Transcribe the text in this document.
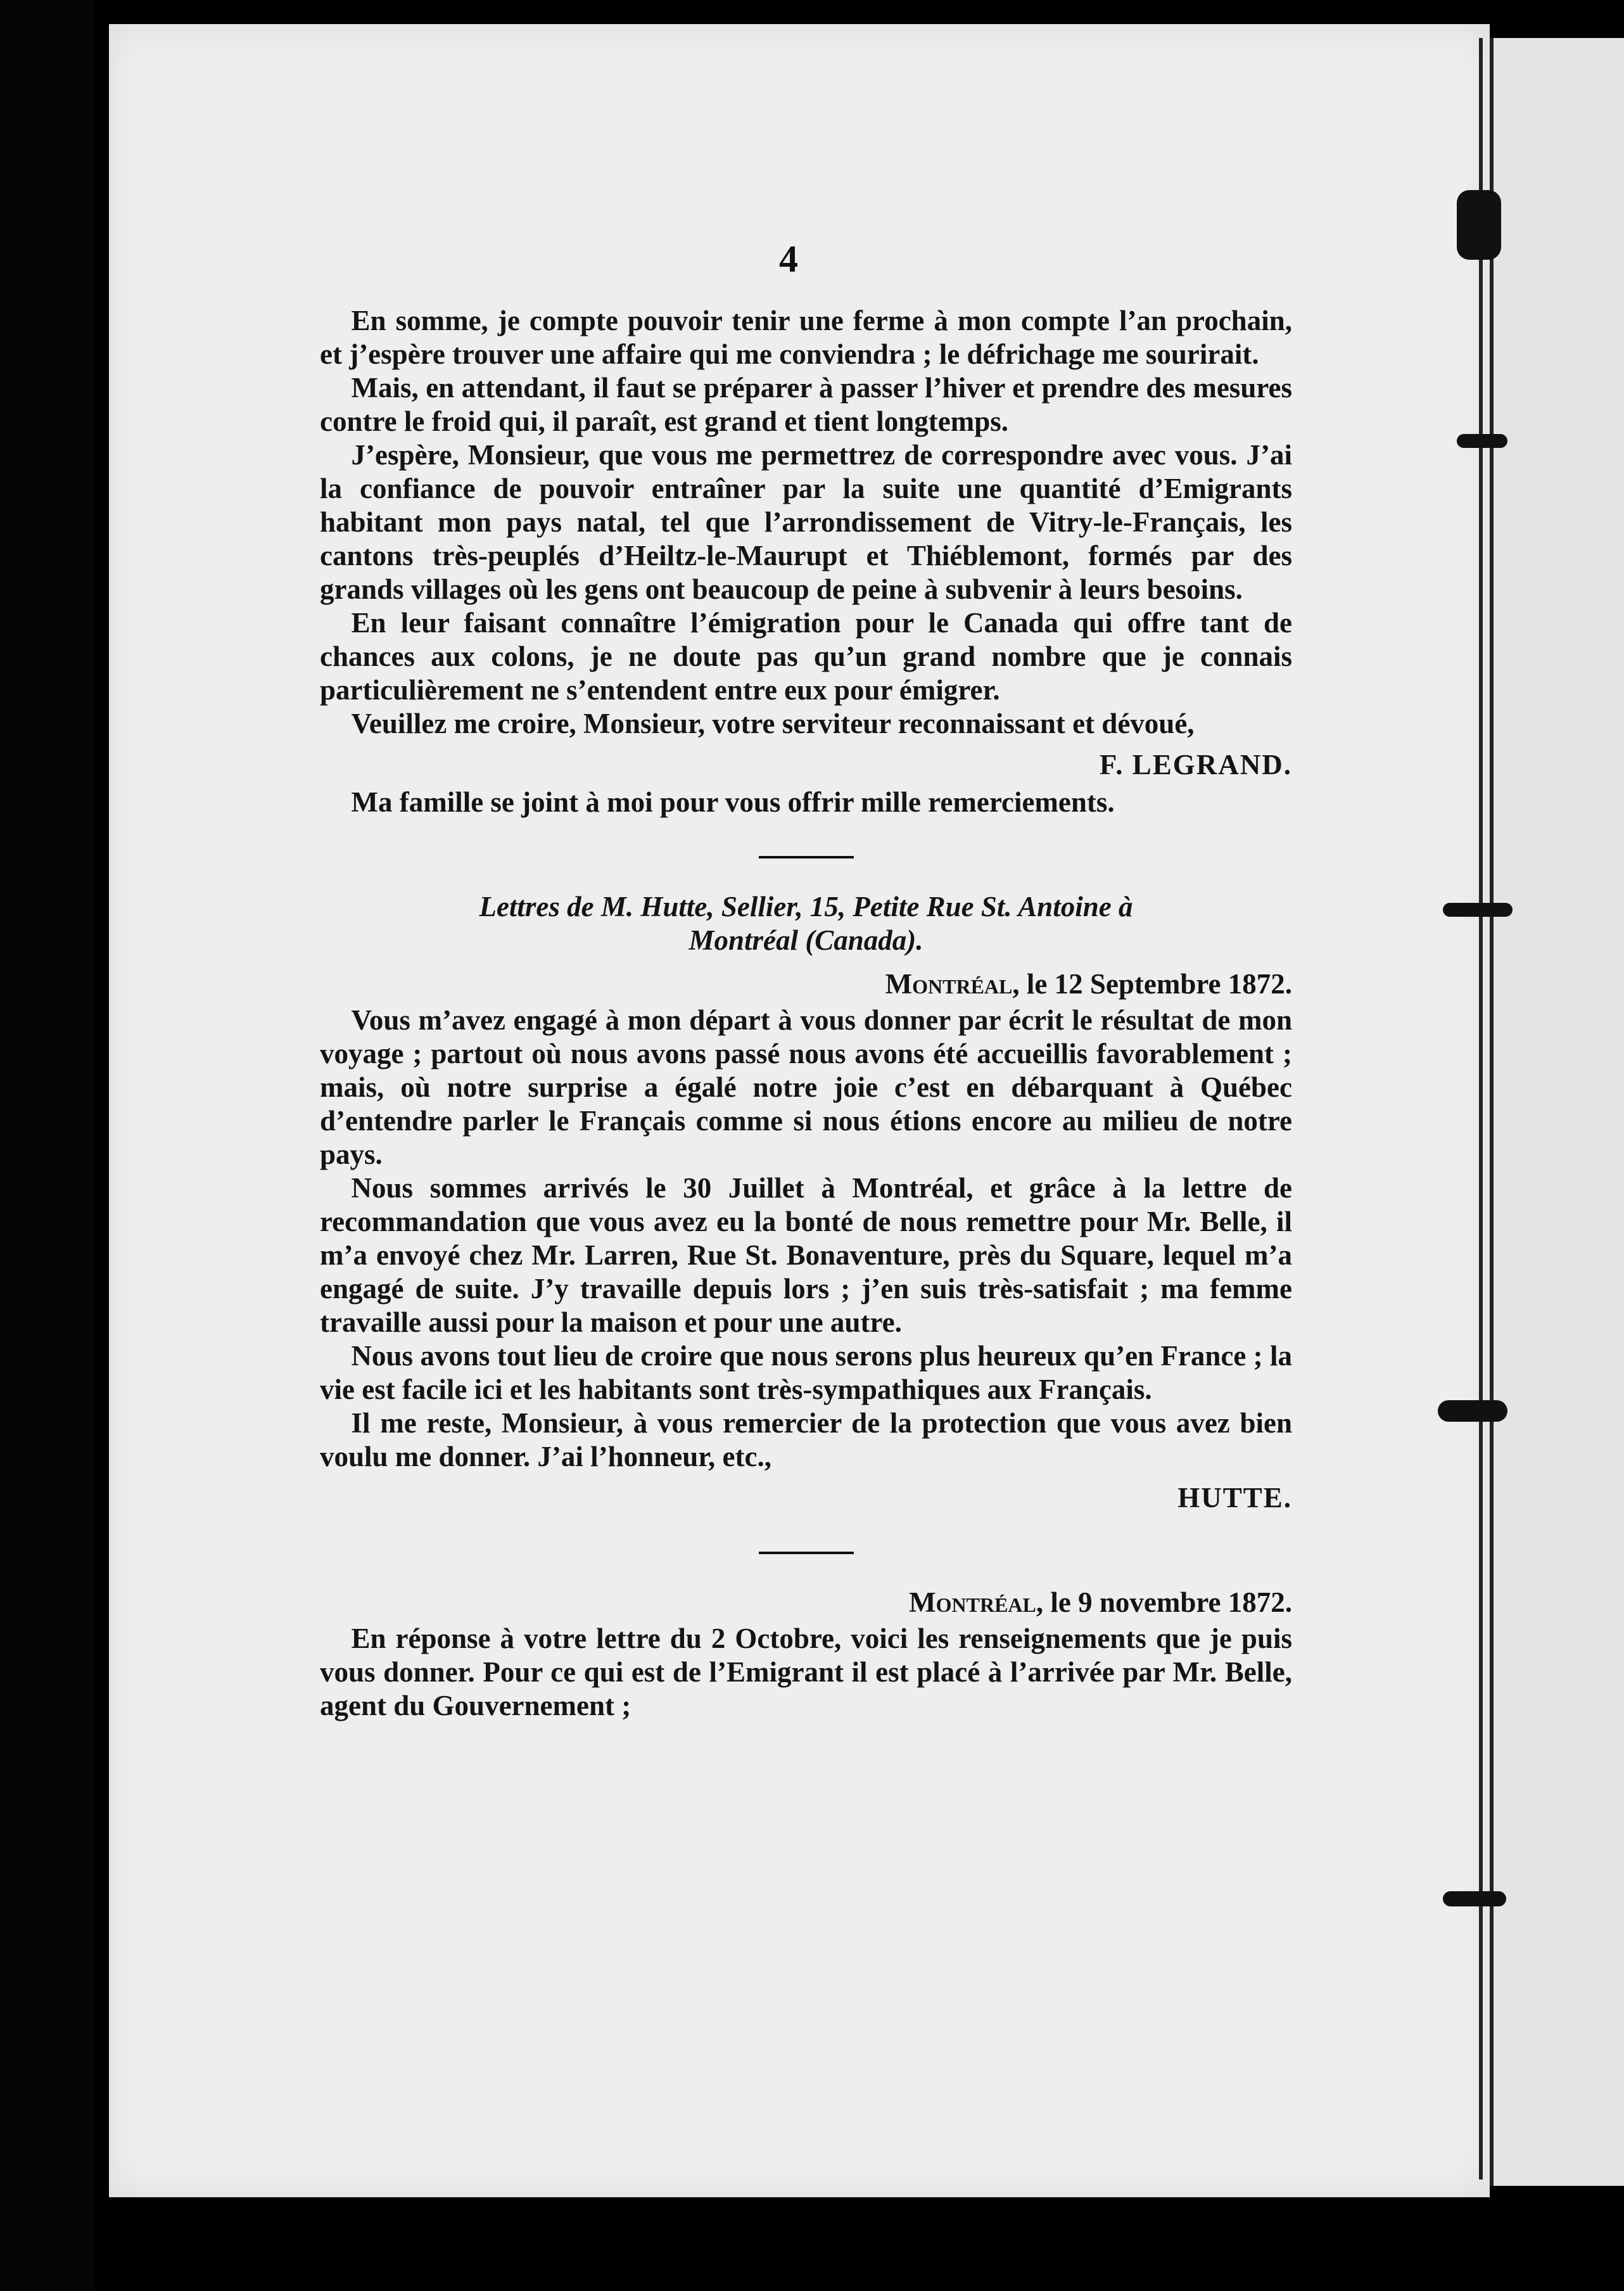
4

En somme, je compte pouvoir tenir une ferme à mon compte l’an prochain, et j’espère trouver une affaire qui me conviendra ; le défrichage me sourirait.

Mais, en attendant, il faut se préparer à passer l’hiver et prendre des mesures contre le froid qui, il paraît, est grand et tient longtemps.

J’espère, Monsieur, que vous me permettrez de correspondre avec vous. J’ai la confiance de pouvoir entraîner par la suite une quantité d’Emigrants habitant mon pays natal, tel que l’arrondissement de Vitry-le-Français, les cantons très-peuplés d’Heiltz-le-Maurupt et Thiéblemont, formés par des grands villages où les gens ont beaucoup de peine à subvenir à leurs besoins.

En leur faisant connaître l’émigration pour le Canada qui offre tant de chances aux colons, je ne doute pas qu’un grand nombre que je connais particulièrement ne s’entendent entre eux pour émigrer.

Veuillez me croire, Monsieur, votre serviteur reconnaissant et dévoué,

F. LEGRAND.

Ma famille se joint à moi pour vous offrir mille remerciements.

Lettres de M. Hutte, Sellier, 15, Petite Rue St. Antoine à
Montréal (Canada).
Montréal, le 12 Septembre 1872.

Vous m’avez engagé à mon départ à vous donner par écrit le résultat de mon voyage ; partout où nous avons passé nous avons été accueillis favorablement ; mais, où notre surprise a égalé notre joie c’est en débarquant à Québec d’entendre parler le Français comme si nous étions encore au milieu de notre pays.

Nous sommes arrivés le 30 Juillet à Montréal, et grâce à la lettre de recommandation que vous avez eu la bonté de nous remettre pour Mr. Belle, il m’a envoyé chez Mr. Larren, Rue St. Bonaventure, près du Square, lequel m’a engagé de suite. J’y travaille depuis lors ; j’en suis très-satisfait ; ma femme travaille aussi pour la maison et pour une autre.

Nous avons tout lieu de croire que nous serons plus heureux qu’en France ; la vie est facile ici et les habitants sont très-sympathiques aux Français.

Il me reste, Monsieur, à vous remercier de la protection que vous avez bien voulu me donner. J’ai l’honneur, etc.,

HUTTE.
Montréal, le 9 novembre 1872.

En réponse à votre lettre du 2 Octobre, voici les renseignements que je puis vous donner. Pour ce qui est de l’Emigrant il est placé à l’arrivée par Mr. Belle, agent du Gouvernement ;
